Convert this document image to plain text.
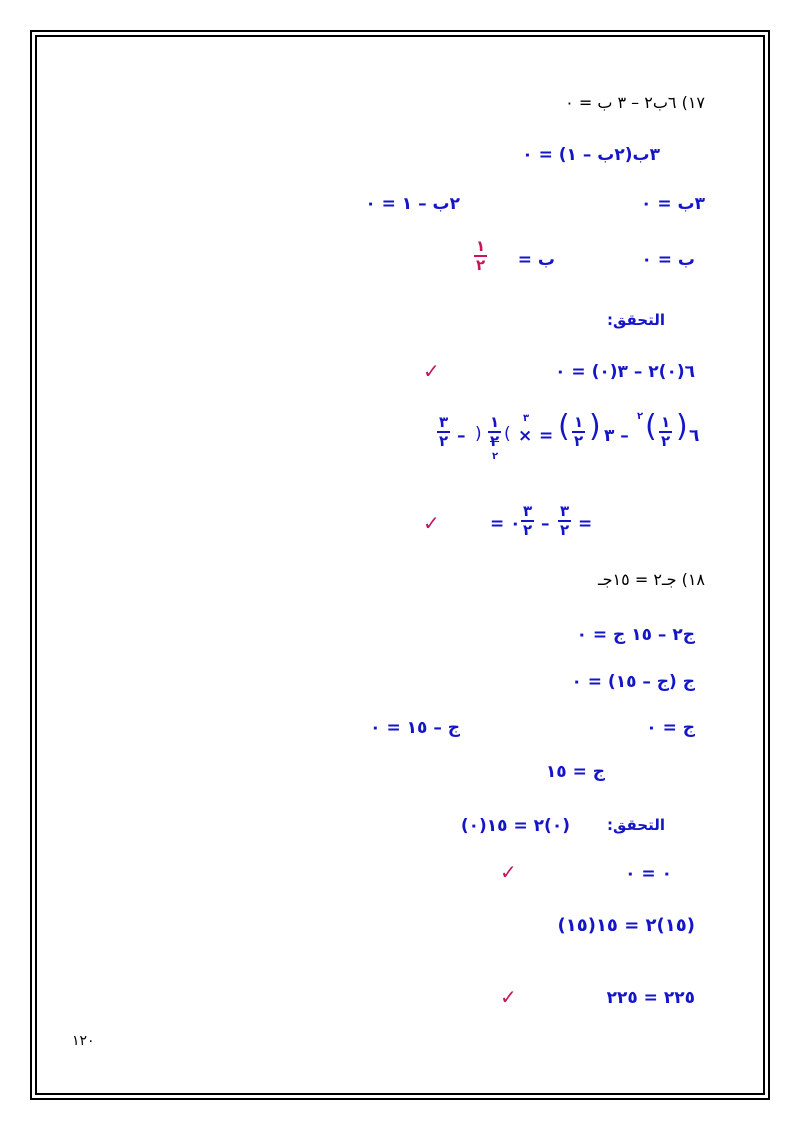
١٧) ٦ب٢ – ٣ ب = ٠
٣ب(٢ب – ١) = ٠
٣ب = ٠
٢ب – ١ = ٠
ب = ٠
ب =
١
٢
التحقق:
٦(٠)٢ – ٣(٠) = ٠
✓
٦
)
١
٢
(
٢
– ٣
)
١
٢
(
=
٣
×
)
١
٢
٢
(
–
٣
٢
=
٣
٢
–
٣
٢
= ٠
✓
١٨) جـ٢ = ١٥جـ
ج٢ – ١٥ ج = ٠
ج (ج – ١٥) = ٠
ج = ٠
ج – ١٥ = ٠
ج = ١٥
التحقق:
(٠)٢ = ١٥(٠)
٠ = ٠
✓
(١٥)٢ = ١٥(١٥)
٢٢٥ = ٢٢٥
✓
١٢٠
